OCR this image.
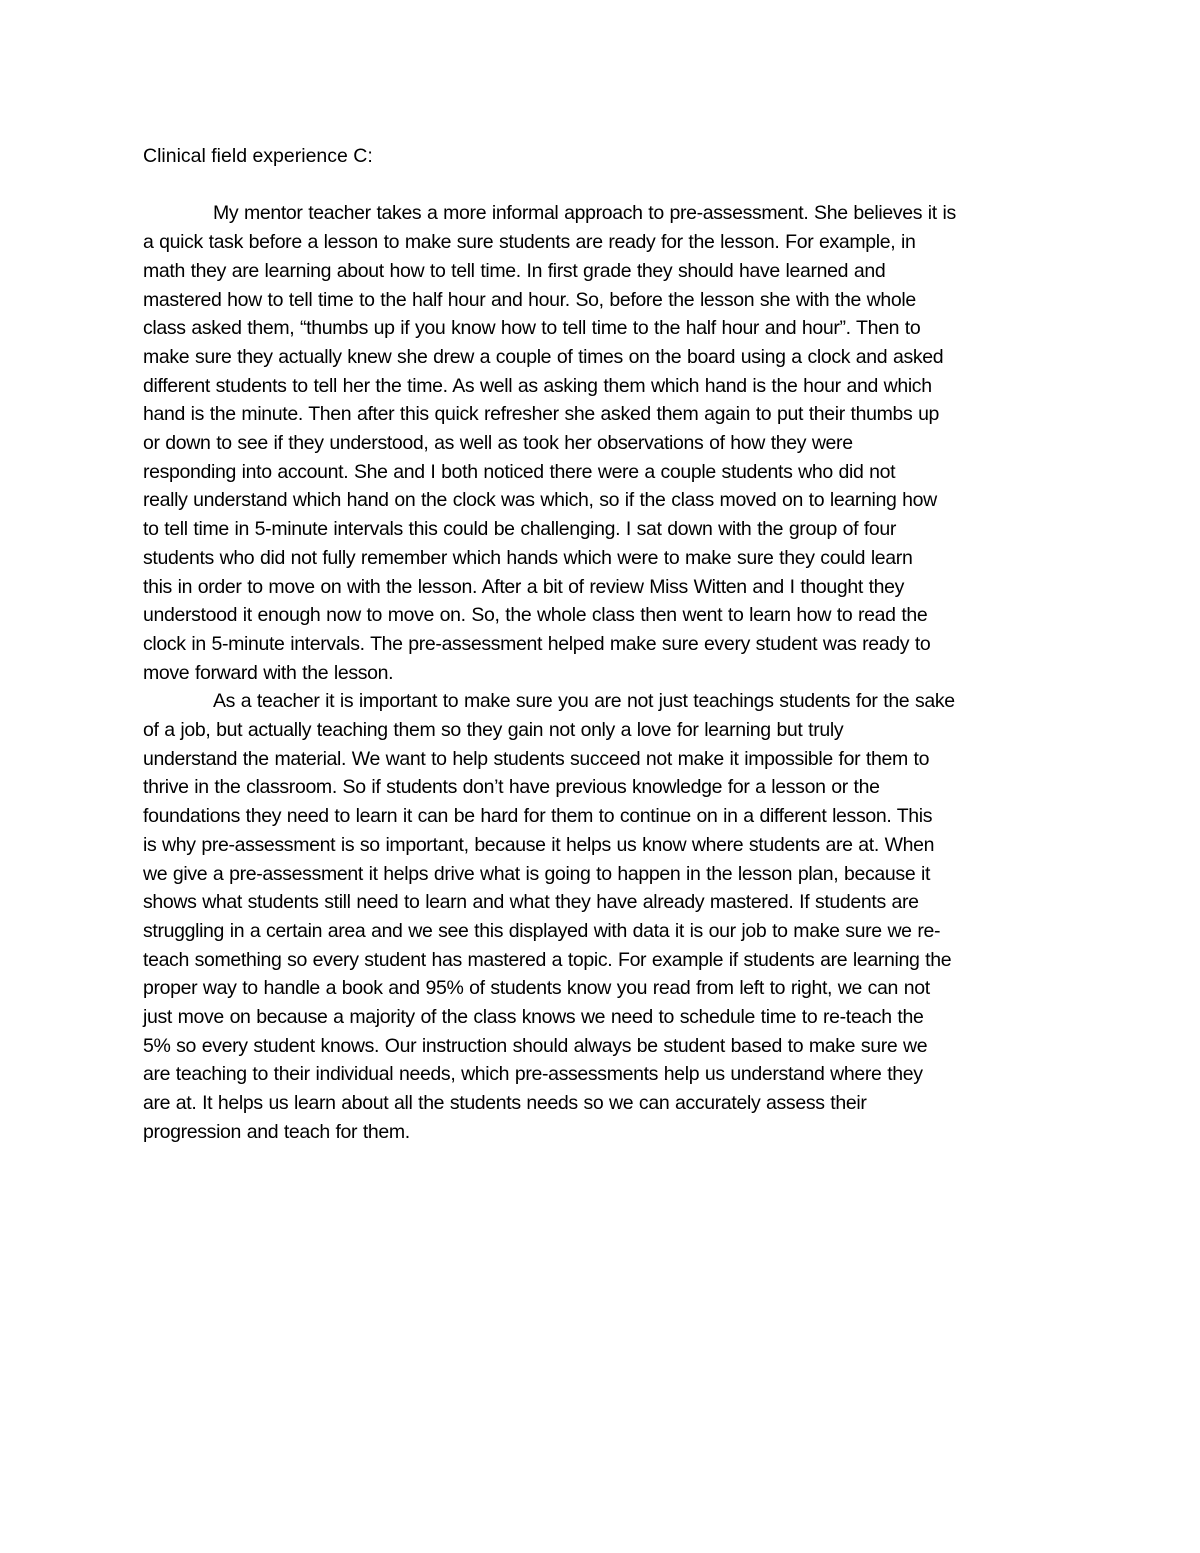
Clinical field experience C:
My mentor teacher takes a more informal approach to pre-assessment. She believes it is
a quick task before a lesson to make sure students are ready for the lesson. For example, in
math they are learning about how to tell time. In first grade they should have learned and
mastered how to tell time to the half hour and hour. So, before the lesson she with the whole
class asked them, “thumbs up if you know how to tell time to the half hour and hour”. Then to
make sure they actually knew she drew a couple of times on the board using a clock and asked
different students to tell her the time. As well as asking them which hand is the hour and which
hand is the minute. Then after this quick refresher she asked them again to put their thumbs up
or down to see if they understood, as well as took her observations of how they were
responding into account. She and I both noticed there were a couple students who did not
really understand which hand on the clock was which, so if the class moved on to learning how
to tell time in 5-minute intervals this could be challenging. I sat down with the group of four
students who did not fully remember which hands which were to make sure they could learn
this in order to move on with the lesson. After a bit of review Miss Witten and I thought they
understood it enough now to move on. So, the whole class then went to learn how to read the
clock in 5-minute intervals. The pre-assessment helped make sure every student was ready to
move forward with the lesson.
As a teacher it is important to make sure you are not just teachings students for the sake
of a job, but actually teaching them so they gain not only a love for learning but truly
understand the material. We want to help students succeed not make it impossible for them to
thrive in the classroom. So if students don’t have previous knowledge for a lesson or the
foundations they need to learn it can be hard for them to continue on in a different lesson. This
is why pre-assessment is so important, because it helps us know where students are at. When
we give a pre-assessment it helps drive what is going to happen in the lesson plan, because it
shows what students still need to learn and what they have already mastered. If students are
struggling in a certain area and we see this displayed with data it is our job to make sure we re-
teach something so every student has mastered a topic. For example if students are learning the
proper way to handle a book and 95% of students know you read from left to right, we can not
just move on because a majority of the class knows we need to schedule time to re-teach the
5% so every student knows. Our instruction should always be student based to make sure we
are teaching to their individual needs, which pre-assessments help us understand where they
are at. It helps us learn about all the students needs so we can accurately assess their
progression and teach for them.
